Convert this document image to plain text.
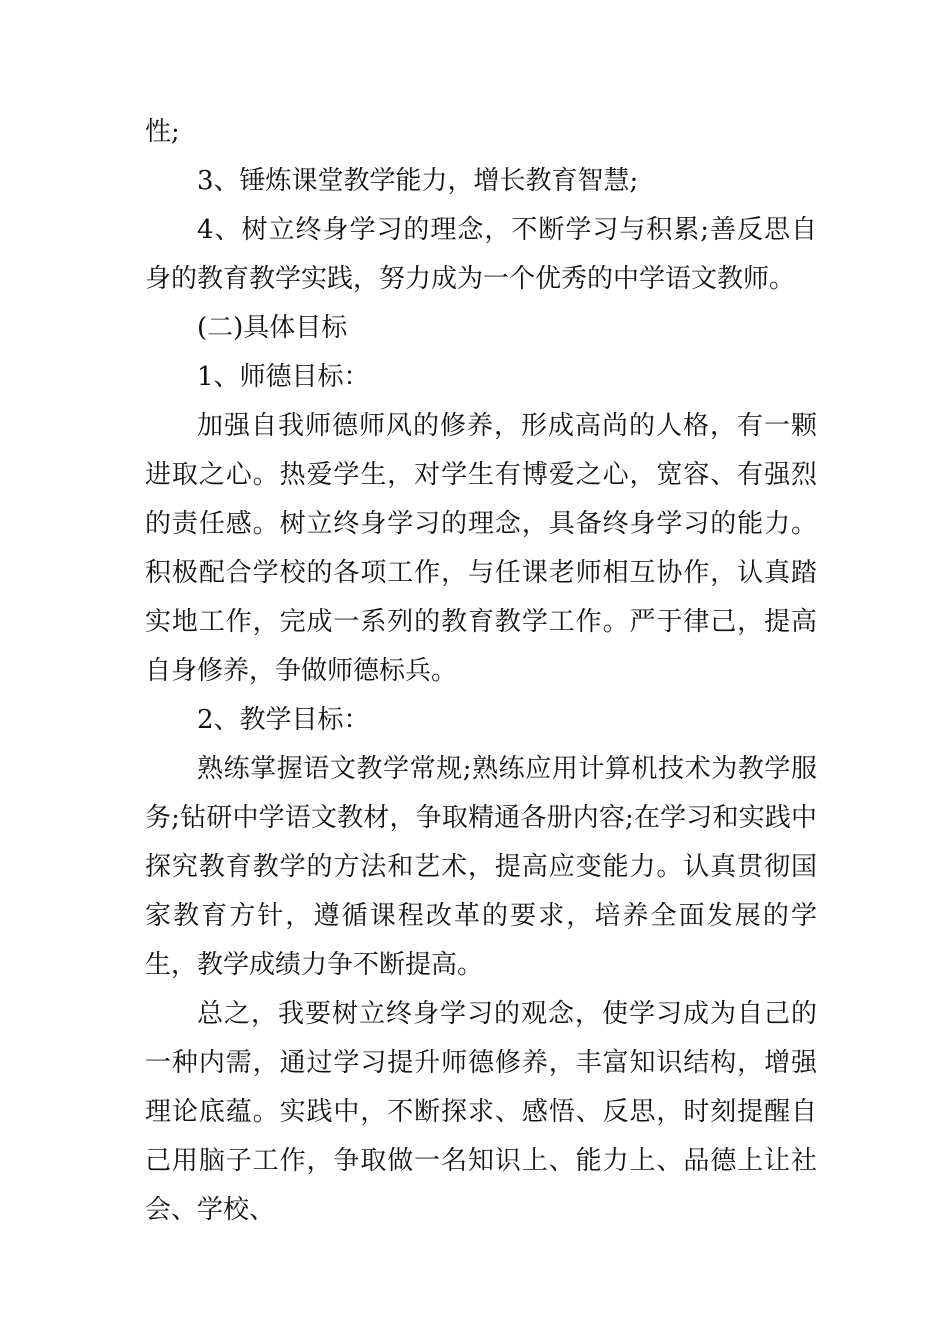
性;

3、锤炼课堂教学能力，增长教育智慧;

4、树立终身学习的理念，不断学习与积累;善反思自身的教育教学实践，努力成为一个优秀的中学语文教师。

(二)具体目标

1、师德目标：

加强自我师德师风的修养，形成高尚的人格，有一颗进取之心。热爱学生，对学生有博爱之心，宽容、有强烈的责任感。树立终身学习的理念，具备终身学习的能力。积极配合学校的各项工作，与任课老师相互协作，认真踏实地工作，完成一系列的教育教学工作。严于律己，提高自身修养，争做师德标兵。

2、教学目标：

熟练掌握语文教学常规;熟练应用计算机技术为教学服务;钻研中学语文教材，争取精通各册内容;在学习和实践中探究教育教学的方法和艺术，提高应变能力。认真贯彻国家教育方针，遵循课程改革的要求，培养全面发展的学生，教学成绩力争不断提高。

总之，我要树立终身学习的观念，使学习成为自己的一种内需，通过学习提升师德修养，丰富知识结构，增强理论底蕴。实践中，不断探求、感悟、反思，时刻提醒自己用脑子工作，争取做一名知识上、能力上、品德上让社会、学校、
